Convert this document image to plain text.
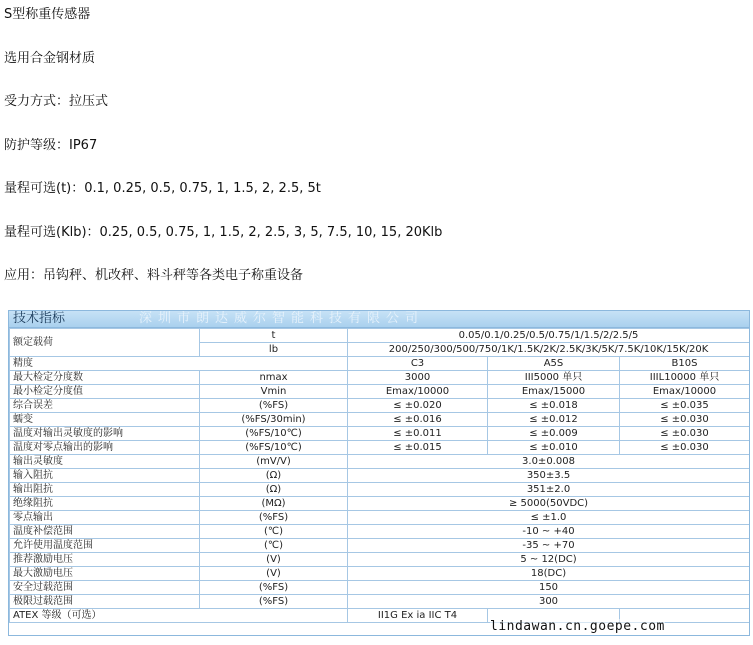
S型称重传感器
选用合金钢材质
受力方式：拉压式
防护等级：IP67
量程可选(t)：0.1, 0.25, 0.5, 0.75, 1, 1.5, 2, 2.5, 5t
量程可选(Klb)：0.25, 0.5, 0.75, 1, 1.5, 2, 2.5, 3, 5, 7.5, 10, 15, 20Klb
应用：吊钩秤、机改秤、料斗秤等各类电子称重设备
技术指标	深圳市朗达威尔智能科技有限公司
额定载荷	t	0.05/0.1/0.25/0.5/0.75/1/1.5/2/2.5/5		
	lb	200/250/300/500/750/1K/1.5K/2K/2.5K/3K/5K/7.5K/10K/15K/20K		
精度		C3	A5S	B10S
最大检定分度数	nmax	3000	III5000 单只	IIIL10000 单只
最小检定分度值	Vmin	Emax/10000	Emax/15000	Emax/10000
综合误差	(%FS)	≤ ±0.020	≤ ±0.018	≤ ±0.035
蠕变	(%FS/30min)	≤ ±0.016	≤ ±0.012	≤ ±0.030
温度对输出灵敏度的影响	(%FS/10℃)	≤ ±0.011	≤ ±0.009	≤ ±0.030
温度对零点输出的影响	(%FS/10℃)	≤ ±0.015	≤ ±0.010	≤ ±0.030
输出灵敏度	(mV/V)	3.0±0.008		
输入阻抗	(Ω)	350±3.5		
输出阻抗	(Ω)	351±2.0		
绝缘阻抗	(MΩ)	≥ 5000(50VDC)		
零点输出	(%FS)	≤ ±1.0		
温度补偿范围	(℃)	-10 ~ +40		
允许使用温度范围	(℃)	-35 ~ +70		
推荐激励电压	(V)	5 ~ 12(DC)		
最大激励电压	(V)	18(DC)		
安全过载范围	(%FS)	150		
极限过载范围	(%FS)	300		
ATEX 等级（可选）		II1G Ex ia IIC T4		
lindawan.cn.goepe.com
